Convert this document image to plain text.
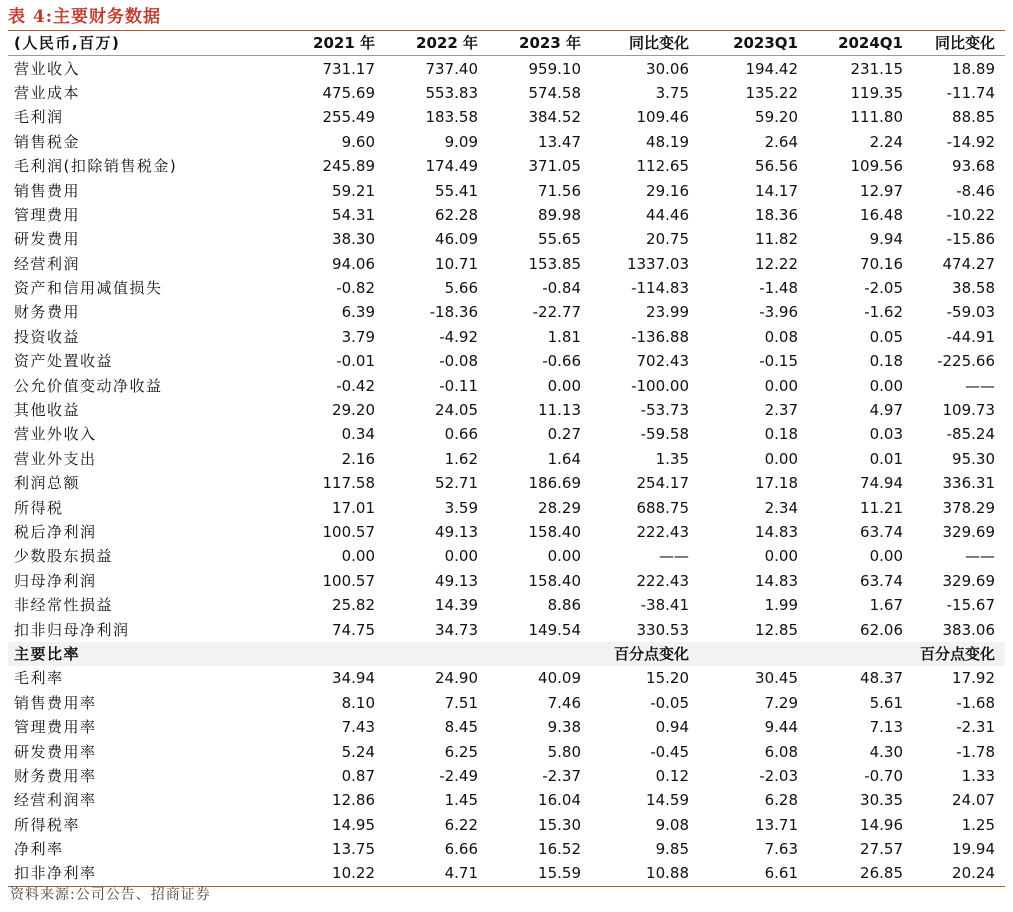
表 4:主要财务数据
(人民币,百万)	2021 年	2022 年	2023 年	同比变化	2023Q1	2024Q1	同比变化
营业收入	731.17	737.40	959.10	30.06	194.42	231.15	18.89
营业成本	475.69	553.83	574.58	3.75	135.22	119.35	-11.74
毛利润	255.49	183.58	384.52	109.46	59.20	111.80	88.85
销售税金	9.60	9.09	13.47	48.19	2.64	2.24	-14.92
毛利润(扣除销售税金)	245.89	174.49	371.05	112.65	56.56	109.56	93.68
销售费用	59.21	55.41	71.56	29.16	14.17	12.97	-8.46
管理费用	54.31	62.28	89.98	44.46	18.36	16.48	-10.22
研发费用	38.30	46.09	55.65	20.75	11.82	9.94	-15.86
经营利润	94.06	10.71	153.85	1337.03	12.22	70.16	474.27
资产和信用减值损失	-0.82	5.66	-0.84	-114.83	-1.48	-2.05	38.58
财务费用	6.39	-18.36	-22.77	23.99	-3.96	-1.62	-59.03
投资收益	3.79	-4.92	1.81	-136.88	0.08	0.05	-44.91
资产处置收益	-0.01	-0.08	-0.66	702.43	-0.15	0.18	-225.66
公允价值变动净收益	-0.42	-0.11	0.00	-100.00	0.00	0.00	——
其他收益	29.20	24.05	11.13	-53.73	2.37	4.97	109.73
营业外收入	0.34	0.66	0.27	-59.58	0.18	0.03	-85.24
营业外支出	2.16	1.62	1.64	1.35	0.00	0.01	95.30
利润总额	117.58	52.71	186.69	254.17	17.18	74.94	336.31
所得税	17.01	3.59	28.29	688.75	2.34	11.21	378.29
税后净利润	100.57	49.13	158.40	222.43	14.83	63.74	329.69
少数股东损益	0.00	0.00	0.00	——	0.00	0.00	——
归母净利润	100.57	49.13	158.40	222.43	14.83	63.74	329.69
非经常性损益	25.82	14.39	8.86	-38.41	1.99	1.67	-15.67
扣非归母净利润	74.75	34.73	149.54	330.53	12.85	62.06	383.06
主要比率				百分点变化			百分点变化
毛利率	34.94	24.90	40.09	15.20	30.45	48.37	17.92
销售费用率	8.10	7.51	7.46	-0.05	7.29	5.61	-1.68
管理费用率	7.43	8.45	9.38	0.94	9.44	7.13	-2.31
研发费用率	5.24	6.25	5.80	-0.45	6.08	4.30	-1.78
财务费用率	0.87	-2.49	-2.37	0.12	-2.03	-0.70	1.33
经营利润率	12.86	1.45	16.04	14.59	6.28	30.35	24.07
所得税率	14.95	6.22	15.30	9.08	13.71	14.96	1.25
净利率	13.75	6.66	16.52	9.85	7.63	27.57	19.94
扣非净利率	10.22	4.71	15.59	10.88	6.61	26.85	20.24
资料来源:公司公告、招商证券
